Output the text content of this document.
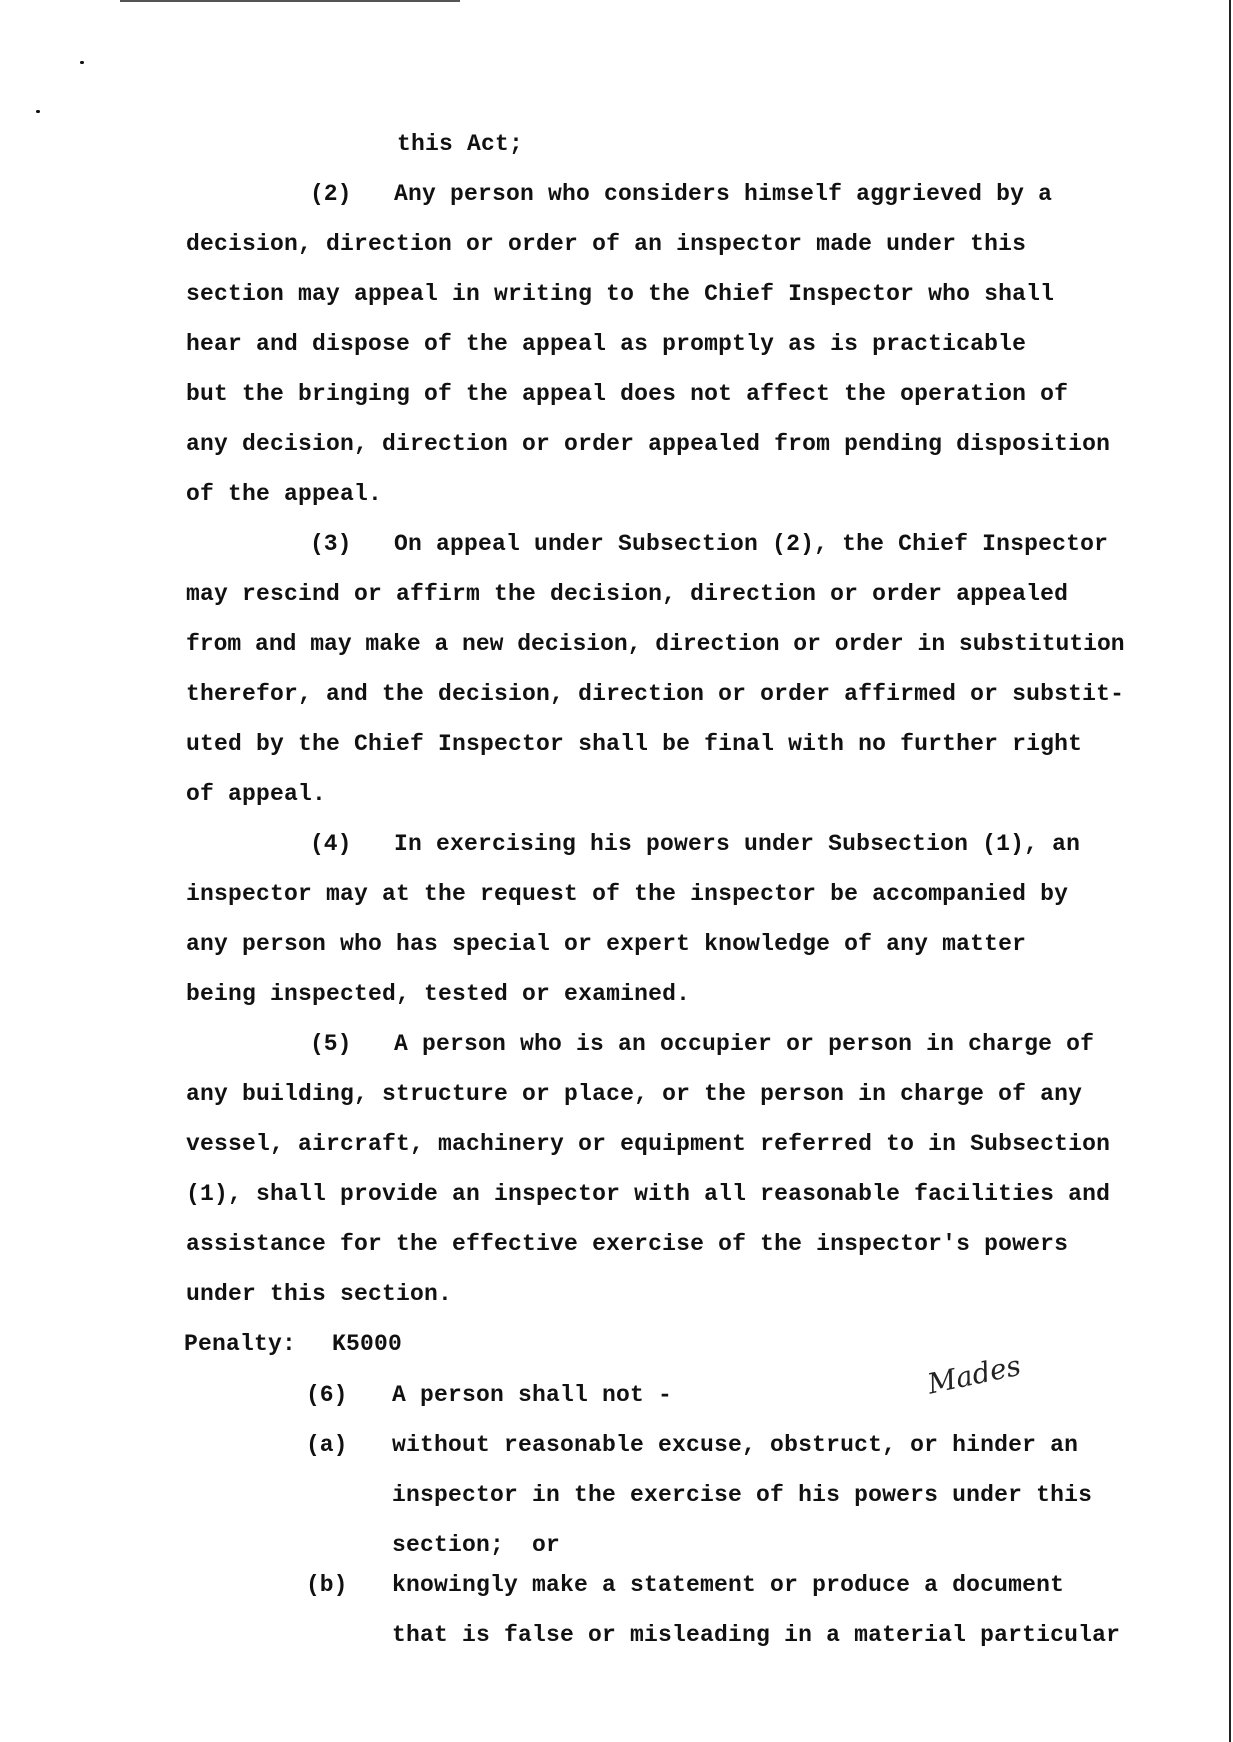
this Act;
(2) Any person who considers himself aggrieved by a
decision, direction or order of an inspector made under this
section may appeal in writing to the Chief Inspector who shall
hear and dispose of the appeal as promptly as is practicable
but the bringing of the appeal does not affect the operation of
any decision, direction or order appealed from pending disposition
of the appeal.
(3) On appeal under Subsection (2), the Chief Inspector
may rescind or affirm the decision, direction or order appealed
from and may make a new decision, direction or order in substitution
therefor, and the decision, direction or order affirmed or substit-
uted by the Chief Inspector shall be final with no further right
of appeal.
(4) In exercising his powers under Subsection (1), an
inspector may at the request of the inspector be accompanied by
any person who has special or expert knowledge of any matter
being inspected, tested or examined.
(5) A person who is an occupier or person in charge of
any building, structure or place, or the person in charge of any
vessel, aircraft, machinery or equipment referred to in Subsection
(1), shall provide an inspector with all reasonable facilities and
assistance for the effective exercise of the inspector's powers
under this section.
Penalty: K5000
(6) A person shall not -	Mades
(a) without reasonable excuse, obstruct, or hinder an
inspector in the exercise of his powers under this
section;  or
(b) knowingly make a statement or produce a document
that is false or misleading in a material particular
